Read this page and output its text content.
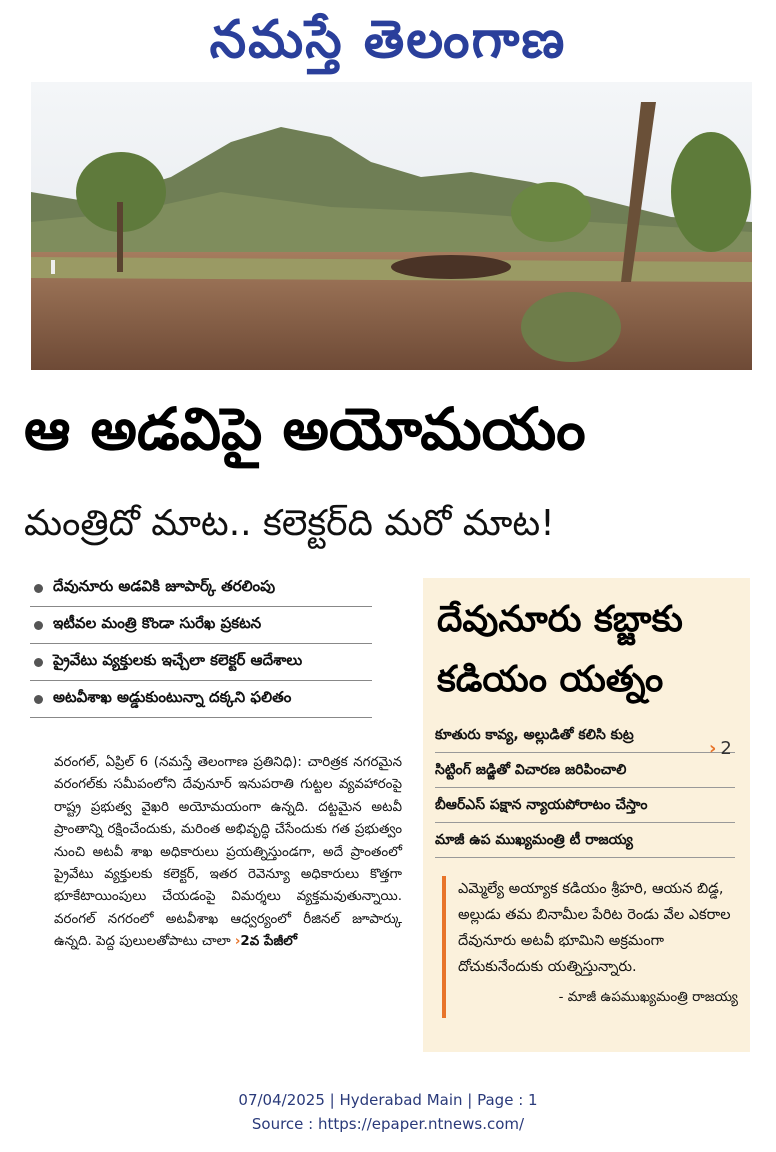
నమస్తే తెలంగాణ
ఆ అడవిపై అయోమయం
మంత్రిదో మాట.. కలెక్టర్‌ది మరో మాట!
దేవునూరు అడవికి జూపార్క్‌ తరలింపు
ఇటీవల మంత్రి కొండా సురేఖ ప్రకటన
ప్రైవేటు వ్యక్తులకు ఇచ్చేలా కలెక్టర్‌ ఆదేశాలు
అటవీశాఖ అడ్డుకుంటున్నా దక్కని ఫలితం

వరంగల్‌, ఏప్రిల్‌ 6 (నమస్తే తెలంగాణ ప్రతినిధి): చారిత్రక నగరమైన వరంగల్‌కు సమీపంలోని దేవునూర్‌ ఇనుపరాతి గుట్టల వ్యవహారంపై రాష్ట్ర ప్రభుత్వ వైఖరి అయోమయంగా ఉన్నది. దట్టమైన అటవీ ప్రాంతాన్ని రక్షించేందుకు, మరింత అభివృద్ధి చేసేందుకు గత ప్రభుత్వం నుంచి అటవీ శాఖ అధికారులు ప్రయత్నిస్తుండగా, అదే ప్రాంతంలో ప్రైవేటు వ్యక్తులకు కలెక్టర్‌, ఇతర రెవెన్యూ అధికారులు కొత్తగా భూకేటాయింపులు చేయడంపై విమర్శలు వ్యక్తమవుతున్నాయి. వరంగల్‌ నగరంలో అటవీశాఖ ఆధ్వర్యంలో రీజినల్‌ జూపార్కు ఉన్నది. పెద్ద పులులతోపాటు చాలా ›2వ పేజీలో

దేవునూరు కబ్జాకు
కడియం యత్నం
కూతురు కావ్య, అల్లుడితో కలిసి కుట్ర
సిట్టింగ్‌ జడ్జితో విచారణ జరిపించాలి
బీఆర్‌ఎస్‌ పక్షాన న్యాయపోరాటం చేస్తాం
మాజీ ఉప ముఖ్యమంత్రి టీ రాజయ్య
› 2

ఎమ్మెల్యే అయ్యాక కడియం శ్రీహరి, ఆయన బిడ్డ, అల్లుడు తమ బినామీల పేరిట రెండు వేల ఎకరాల దేవునూరు అటవీ భూమిని అక్రమంగా దోచుకునేందుకు యత్నిస్తున్నారు.

- మాజీ ఉపముఖ్యమంత్రి రాజయ్య

07/04/2025 | Hyderabad Main | Page : 1
Source : https://epaper.ntnews.com/
